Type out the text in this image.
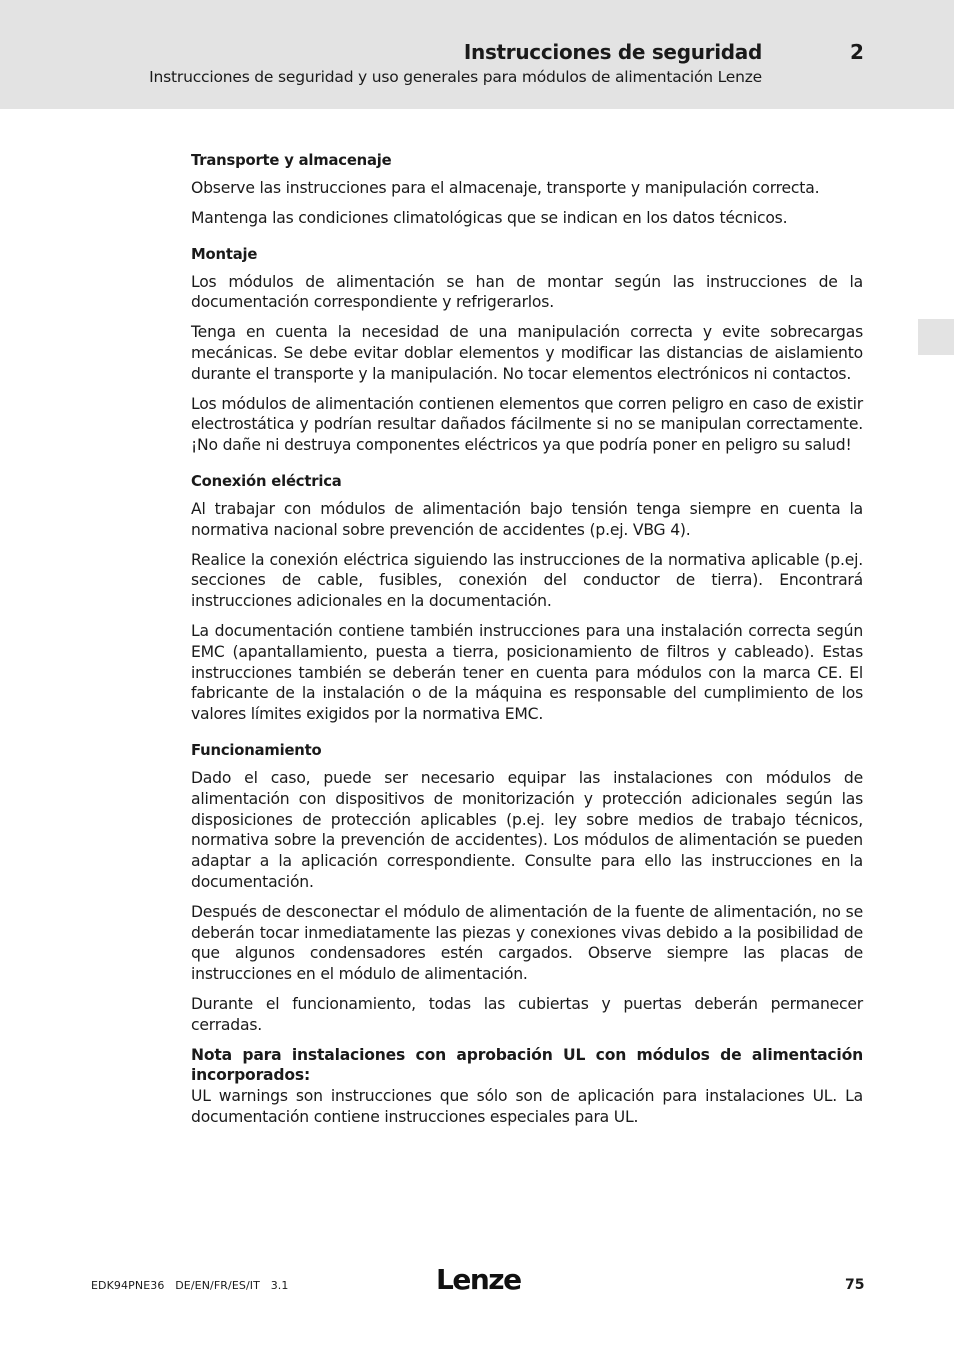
Instrucciones de seguridad	2
Instrucciones de seguridad y uso generales para módulos de alimentación Lenze
Transporte y almacenaje

Observe las instrucciones para el almacenaje, transporte y manipulación correcta.

Mantenga las condiciones climatológicas que se indican en los datos técnicos.

Montaje

Los módulos de alimentación se han de montar según las instrucciones de la documentación correspondiente y refrigerarlos.

Tenga en cuenta la necesidad de una manipulación correcta y evite sobrecargas mecánicas. Se debe evitar doblar elementos y modificar las distancias de aislamiento durante el transporte y la manipulación. No tocar elementos electrónicos ni contactos.

Los módulos de alimentación contienen elementos que corren peligro en caso de existir electrostática y podrían resultar dañados fácilmente si no se manipulan correctamente. ¡No dañe ni destruya componentes eléctricos ya que podría poner en peligro su salud!

Conexión eléctrica

Al trabajar con módulos de alimentación bajo tensión tenga siempre en cuenta la normativa nacional sobre prevención de accidentes (p.ej. VBG 4).

Realice la conexión eléctrica siguiendo las instrucciones de la normativa aplicable (p.ej. secciones de cable, fusibles, conexión del conductor de tierra). Encontrará instrucciones adicionales en la documentación.

La documentación contiene también instrucciones para una instalación correcta según EMC (apantallamiento, puesta a tierra, posicionamiento de filtros y cableado). Estas instrucciones también se deberán tener en cuenta para módulos con la marca CE. El fabricante de la instalación o de la máquina es responsable del cumplimiento de los valores límites exigidos por la normativa EMC.

Funcionamiento

Dado el caso, puede ser necesario equipar las instalaciones con módulos de alimentación con dispositivos de monitorización y protección adicionales según las disposiciones de protección aplicables (p.ej. ley sobre medios de trabajo técnicos, normativa sobre la prevención de accidentes). Los módulos de alimentación se pueden adaptar a la aplicación correspondiente. Consulte para ello las instrucciones en la documentación.

Después de desconectar el módulo de alimentación de la fuente de alimentación, no se deberán tocar inmediatamente las piezas y conexiones vivas debido a la posibilidad de que algunos condensadores estén cargados. Observe siempre las placas de instrucciones en el módulo de alimentación.

Durante el funcionamiento, todas las cubiertas y puertas deberán permanecer cerradas.

Nota para instalaciones con aprobación UL con módulos de alimentación incorporados:
UL warnings son instrucciones que sólo son de aplicación para instalaciones UL. La documentación contiene instrucciones especiales para UL.

EDK94PNE36   DE/EN/FR/ES/IT   3.1	Lenze	75
